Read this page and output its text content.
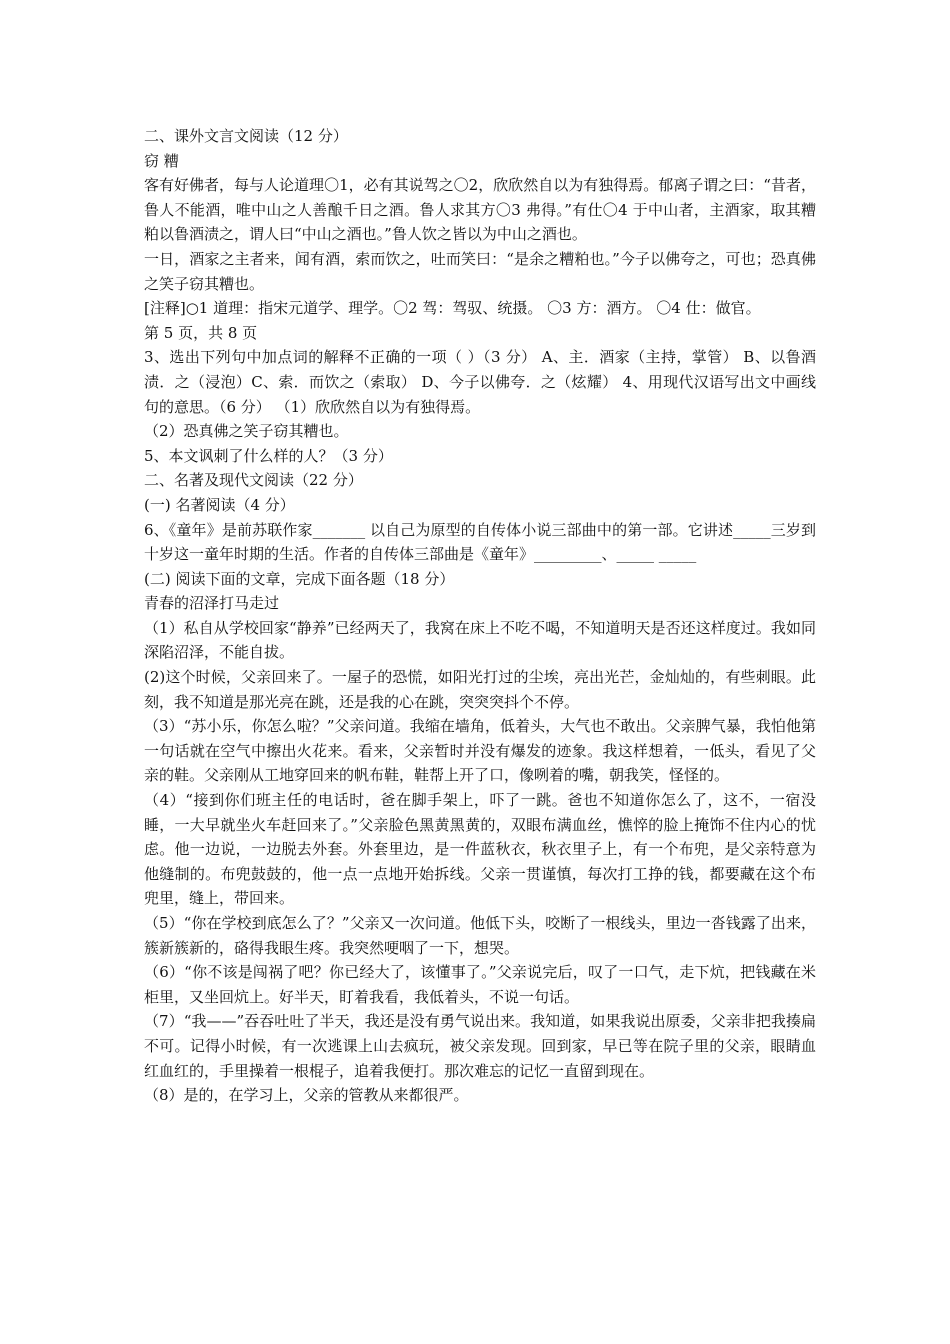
二、课外文言文阅读（12 分）

窃 糟

客有好佛者，每与人论道理〇1，必有其说驾之〇2，欣欣然自以为有独得焉。郁离子谓之曰：“昔者，鲁人不能酒，唯中山之人善酿千日之酒。鲁人求其方〇3 弗得。”有仕〇4 于中山者，主酒家，取其糟粕以鲁酒渍之，谓人曰“中山之酒也。”鲁人饮之皆以为中山之酒也。

一日，酒家之主者来，闻有酒，索而饮之，吐而笑曰：“是余之糟粕也。”今子以佛夸之，可也；恐真佛之笑子窃其糟也。

[注释]○1 道理：指宋元道学、理学。〇2 驾：驾驭、统摄。 〇3 方：酒方。 〇4 仕：做官。

第 5 页，共 8 页

3、选出下列句中加点词的解释不正确的一项（ ）（3 分） A、主．酒家（主持，掌管） B、以鲁酒渍．之（浸泡）C、索．而饮之（索取） D、今子以佛夸．之（炫耀） 4、用现代汉语写出文中画线句的意思。（6 分） （1）欣欣然自以为有独得焉。

（2）恐真佛之笑子窃其糟也。

5、本文讽刺了什么样的人？（3 分）

二、名著及现代文阅读（22 分）

(一) 名著阅读（4 分）

6、《童年》是前苏联作家_______ 以自己为原型的自传体小说三部曲中的第一部。它讲述_____三岁到十岁这一童年时期的生活。作者的自传体三部曲是《童年》_________、_____ _____

(二) 阅读下面的文章，完成下面各题（18 分）

青春的沼泽打马走过

（1）私自从学校回家“静养”已经两天了，我窝在床上不吃不喝，不知道明天是否还这样度过。我如同深陷沼泽，不能自拔。

(2)这个时候，父亲回来了。一屋子的恐慌，如阳光打过的尘埃，亮出光芒，金灿灿的，有些刺眼。此刻，我不知道是那光亮在跳，还是我的心在跳，突突突抖个不停。

（3）“苏小乐，你怎么啦？”父亲问道。我缩在墙角，低着头，大气也不敢出。父亲脾气暴，我怕他第一句话就在空气中擦出火花来。看来，父亲暂时并没有爆发的迹象。我这样想着，一低头，看见了父亲的鞋。父亲刚从工地穿回来的帆布鞋，鞋帮上开了口，像咧着的嘴，朝我笑，怪怪的。

（4）“接到你们班主任的电话时，爸在脚手架上，吓了一跳。爸也不知道你怎么了，这不，一宿没睡，一大早就坐火车赶回来了。”父亲脸色黑黄黑黄的，双眼布满血丝，憔悴的脸上掩饰不住内心的忧虑。他一边说，一边脱去外套。外套里边，是一件蓝秋衣，秋衣里子上，有一个布兜，是父亲特意为他缝制的。布兜鼓鼓的，他一点一点地开始拆线。父亲一贯谨慎，每次打工挣的钱，都要藏在这个布兜里，缝上，带回来。

（5）“你在学校到底怎么了？”父亲又一次问道。他低下头，咬断了一根线头，里边一沓钱露了出来，簇新簇新的，硌得我眼生疼。我突然哽咽了一下，想哭。

（6）“你不该是闯祸了吧？你已经大了，该懂事了。”父亲说完后，叹了一口气，走下炕，把钱藏在米柜里，又坐回炕上。好半天，盯着我看，我低着头，不说一句话。

（7）“我——”吞吞吐吐了半天，我还是没有勇气说出来。我知道，如果我说出原委，父亲非把我揍扁不可。记得小时候，有一次逃课上山去疯玩，被父亲发现。回到家，早已等在院子里的父亲，眼睛血红血红的，手里操着一根棍子，追着我便打。那次难忘的记忆一直留到现在。

（8）是的，在学习上，父亲的管教从来都很严。
